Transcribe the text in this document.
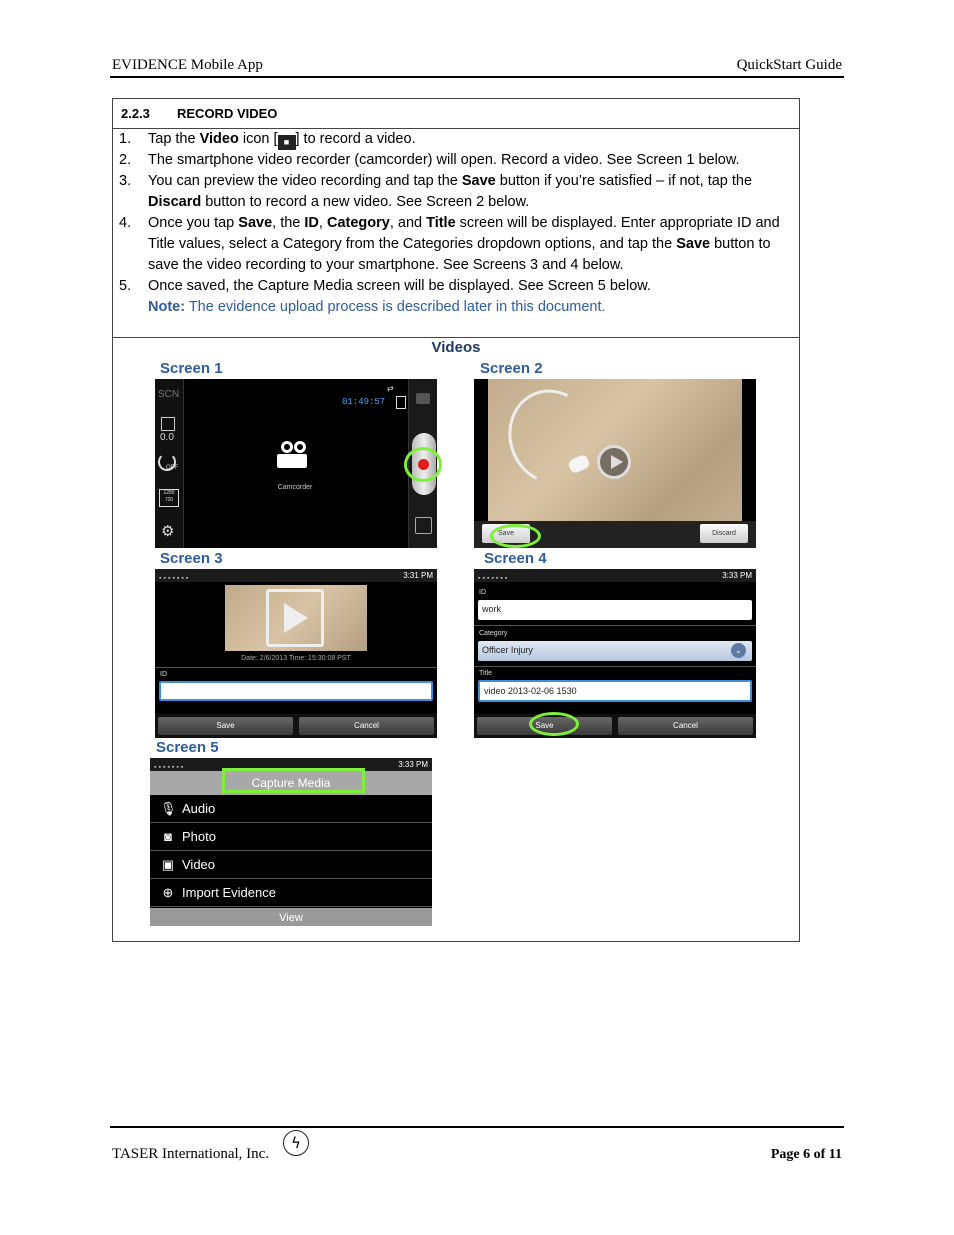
EVIDENCE Mobile App	QuickStart Guide
2.2.3 RECORD VIDEO
1. Tap the Video icon [ ■ ] to record a video.
2. The smartphone video recorder (camcorder) will open. Record a video. See Screen 1 below.
3. You can preview the video recording and tap the Save button if you’re satisfied – if not, tap the Discard button to record a new video. See Screen 2 below.
4. Once you tap Save, the ID, Category, and Title screen will be displayed. Enter appropriate ID and Title values, select a Category from the Categories dropdown options, and tap the Save button to save the video recording to your smartphone. See Screens 3 and 4 below.
5. Once saved, the Capture Media screen will be displayed. See Screen 5 below.
Note: The evidence upload process is described later in this document.
Videos
Screen 1
SCN
0.0
OFF
1280
720
⚙
01:49:57
⇄
Camcorder
Screen 2
Save	Discard
Screen 3
▪▪▪▪▪▪▪	3:31 PM
Date: 2/6/2013 Time: 15:30:08 PST
ID
Save	Cancel
Screen 4
▪▪▪▪▪▪▪	3:33 PM
ID
work
Category
Officer Injury	⌄
Title
video 2013-02-06 1530
Save	Cancel
Screen 5
▪▪▪▪▪▪▪	3:33 PM
Capture Media
🎙︎ Audio
◙ Photo
▣ Video
⊕ Import Evidence
View
TASER International, Inc.
ϟ
Page 6 of 11
